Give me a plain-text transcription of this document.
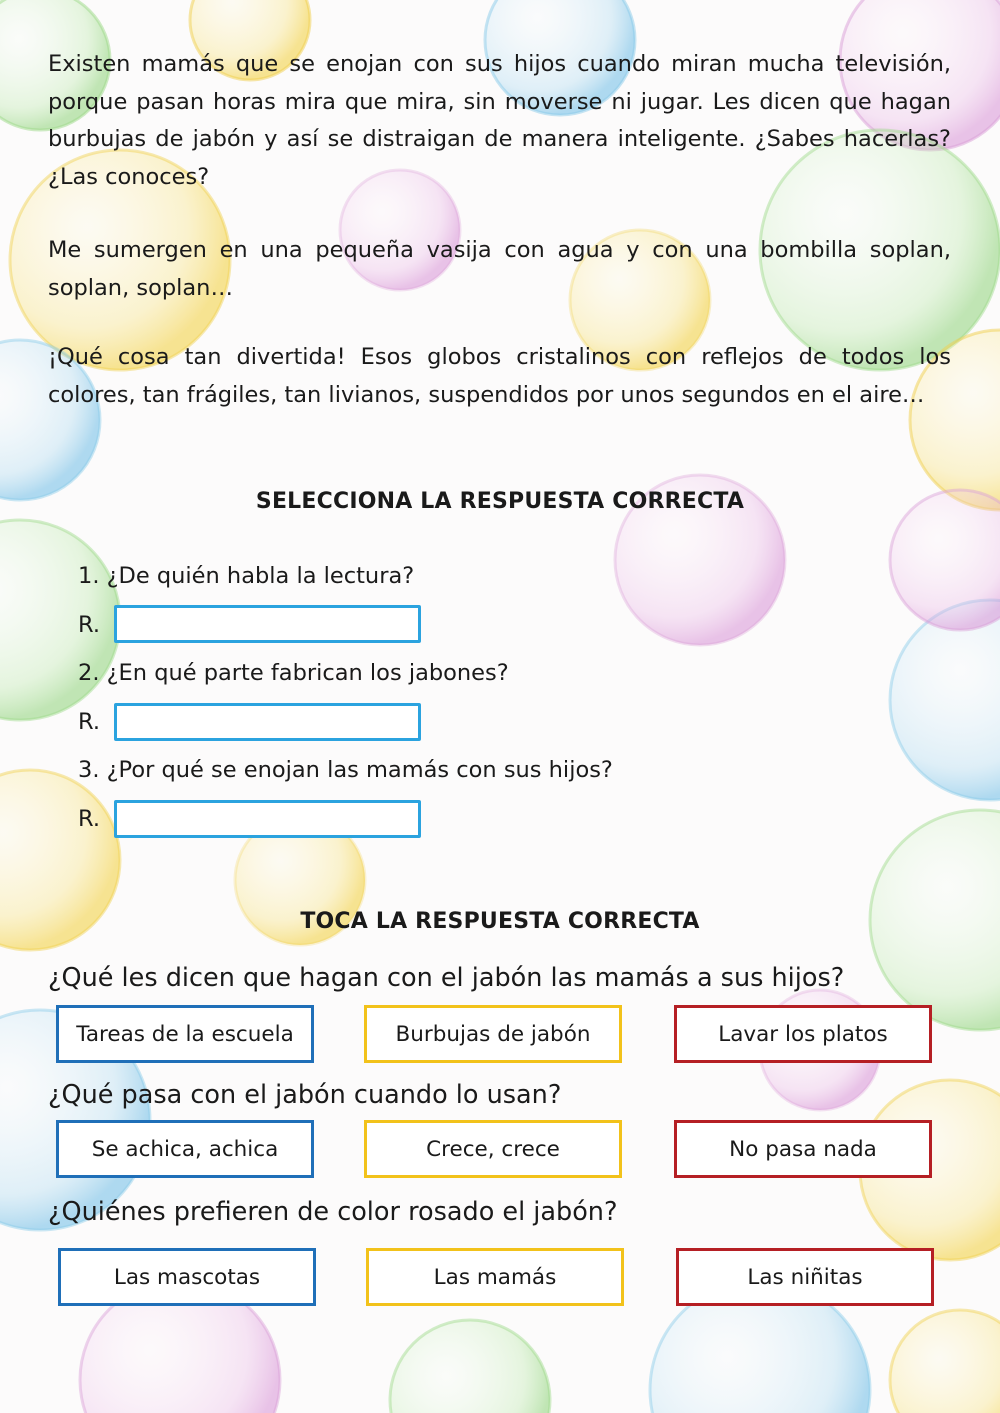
Existen mamás que se enojan con sus hijos cuando miran mucha televisión, porque pasan horas mira que mira, sin moverse ni jugar. Les dicen que hagan burbujas de jabón y así se distraigan de manera inteligente. ¿Sabes hacerlas? ¿Las conoces?

Me sumergen en una pequeña vasija con agua y con una bombilla soplan, soplan, soplan…

¡Qué cosa tan divertida! Esos globos cristalinos con reflejos de todos los colores, tan frágiles, tan livianos, suspendidos por unos segundos en el aire…

SELECCIONA LA RESPUESTA CORRECTA

1. ¿De quién habla la lectura?

R.

2. ¿En qué parte fabrican los jabones?

R.

3. ¿Por qué se enojan las mamás con sus hijos?

R.

TOCA LA RESPUESTA CORRECTA

¿Qué les dicen que hagan con el jabón las mamás a sus hijos?

Tareas de la escuela	Burbujas de jabón	Lavar los platos

¿Qué pasa con el jabón cuando lo usan?

Se achica, achica	Crece, crece	No pasa nada

¿Quiénes prefieren de color rosado el jabón?

Las mascotas	Las mamás	Las niñitas
